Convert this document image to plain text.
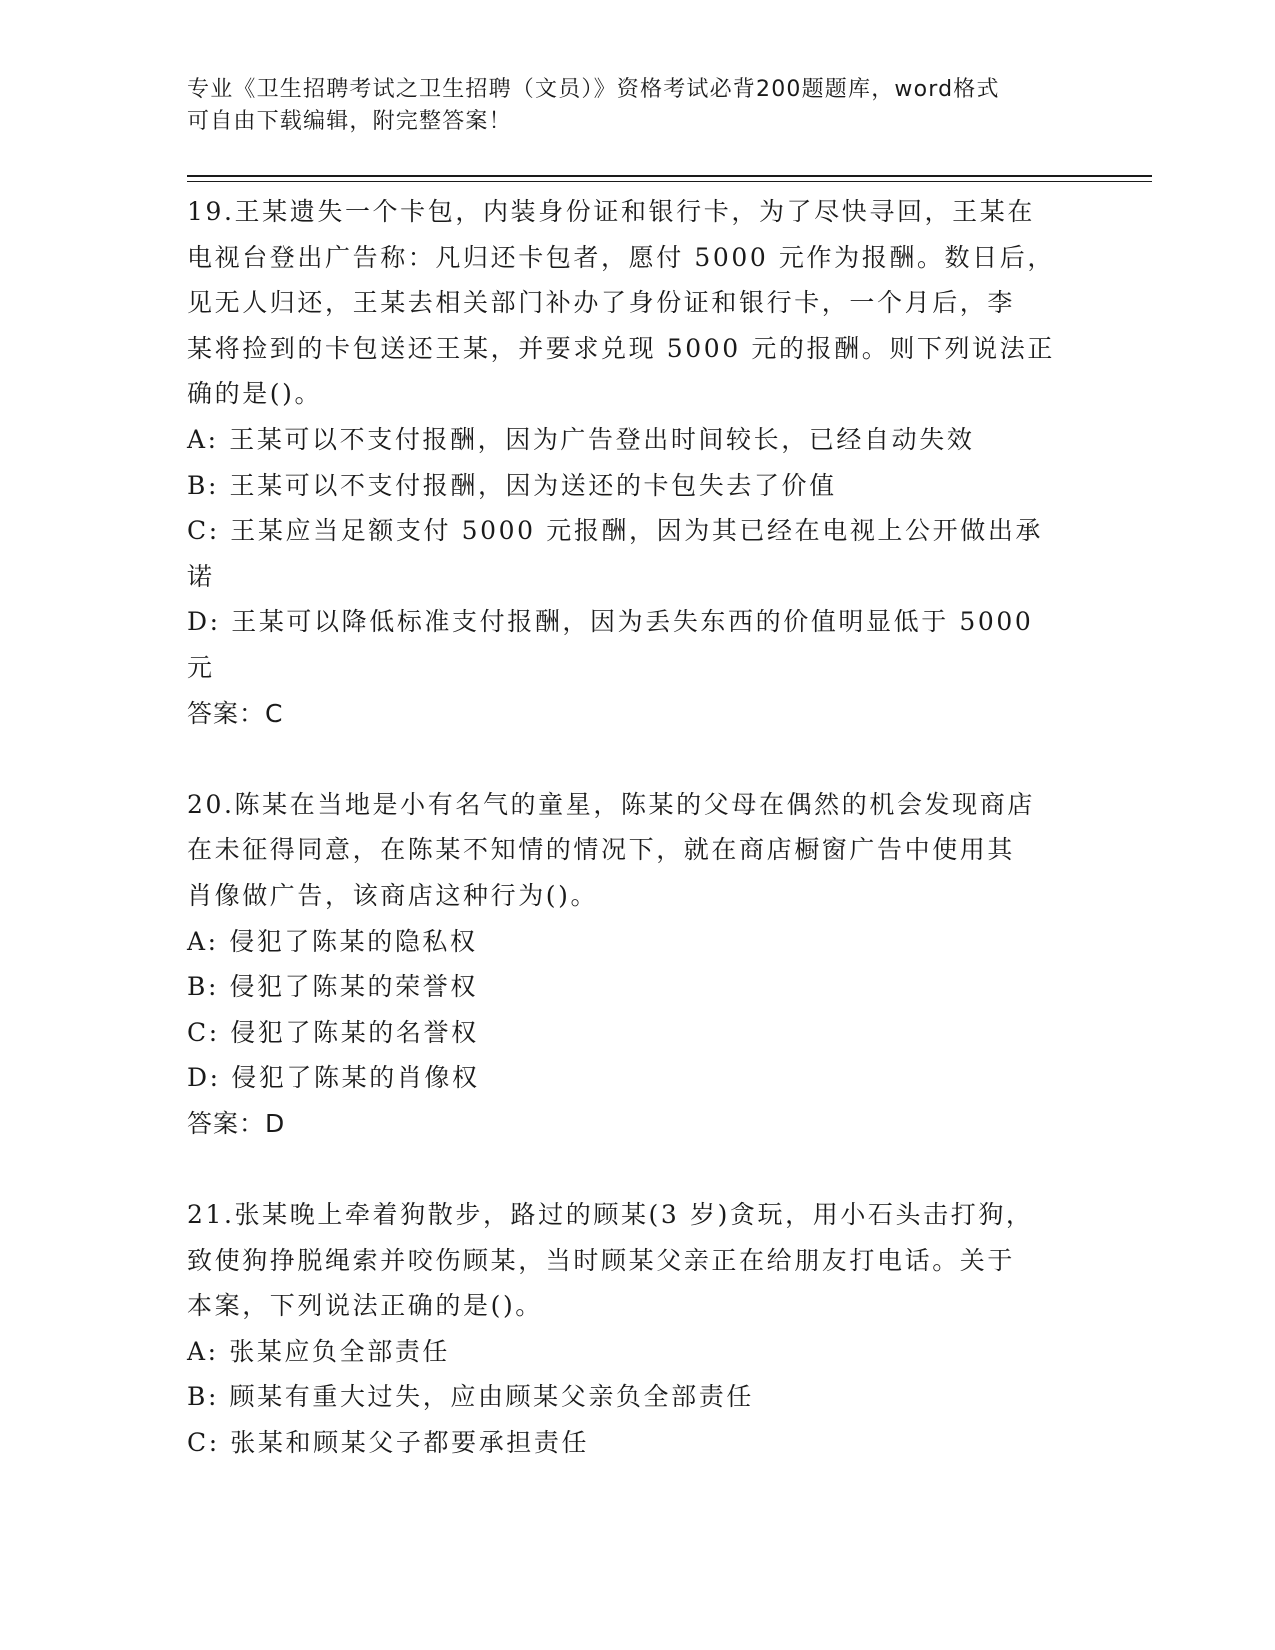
专业《卫生招聘考试之卫生招聘（文员）》资格考试必背200题题库，word格式
可自由下载编辑，附完整答案！
19.王某遗失一个卡包，内装身份证和银行卡，为了尽快寻回，王某在
电视台登出广告称：凡归还卡包者，愿付 5000 元作为报酬。数日后，
见无人归还，王某去相关部门补办了身份证和银行卡，一个月后，李
某将捡到的卡包送还王某，并要求兑现 5000 元的报酬。则下列说法正
确的是()。
A: 王某可以不支付报酬，因为广告登出时间较长，已经自动失效
B: 王某可以不支付报酬，因为送还的卡包失去了价值
C: 王某应当足额支付 5000 元报酬，因为其已经在电视上公开做出承
诺
D: 王某可以降低标准支付报酬，因为丢失东西的价值明显低于 5000
元
答案：C
20.陈某在当地是小有名气的童星，陈某的父母在偶然的机会发现商店
在未征得同意，在陈某不知情的情况下，就在商店橱窗广告中使用其
肖像做广告，该商店这种行为()。
A: 侵犯了陈某的隐私权
B: 侵犯了陈某的荣誉权
C: 侵犯了陈某的名誉权
D: 侵犯了陈某的肖像权
答案：D
21.张某晚上牵着狗散步，路过的顾某(3 岁)贪玩，用小石头击打狗，
致使狗挣脱绳索并咬伤顾某，当时顾某父亲正在给朋友打电话。关于
本案，下列说法正确的是()。
A: 张某应负全部责任
B: 顾某有重大过失，应由顾某父亲负全部责任
C: 张某和顾某父子都要承担责任
